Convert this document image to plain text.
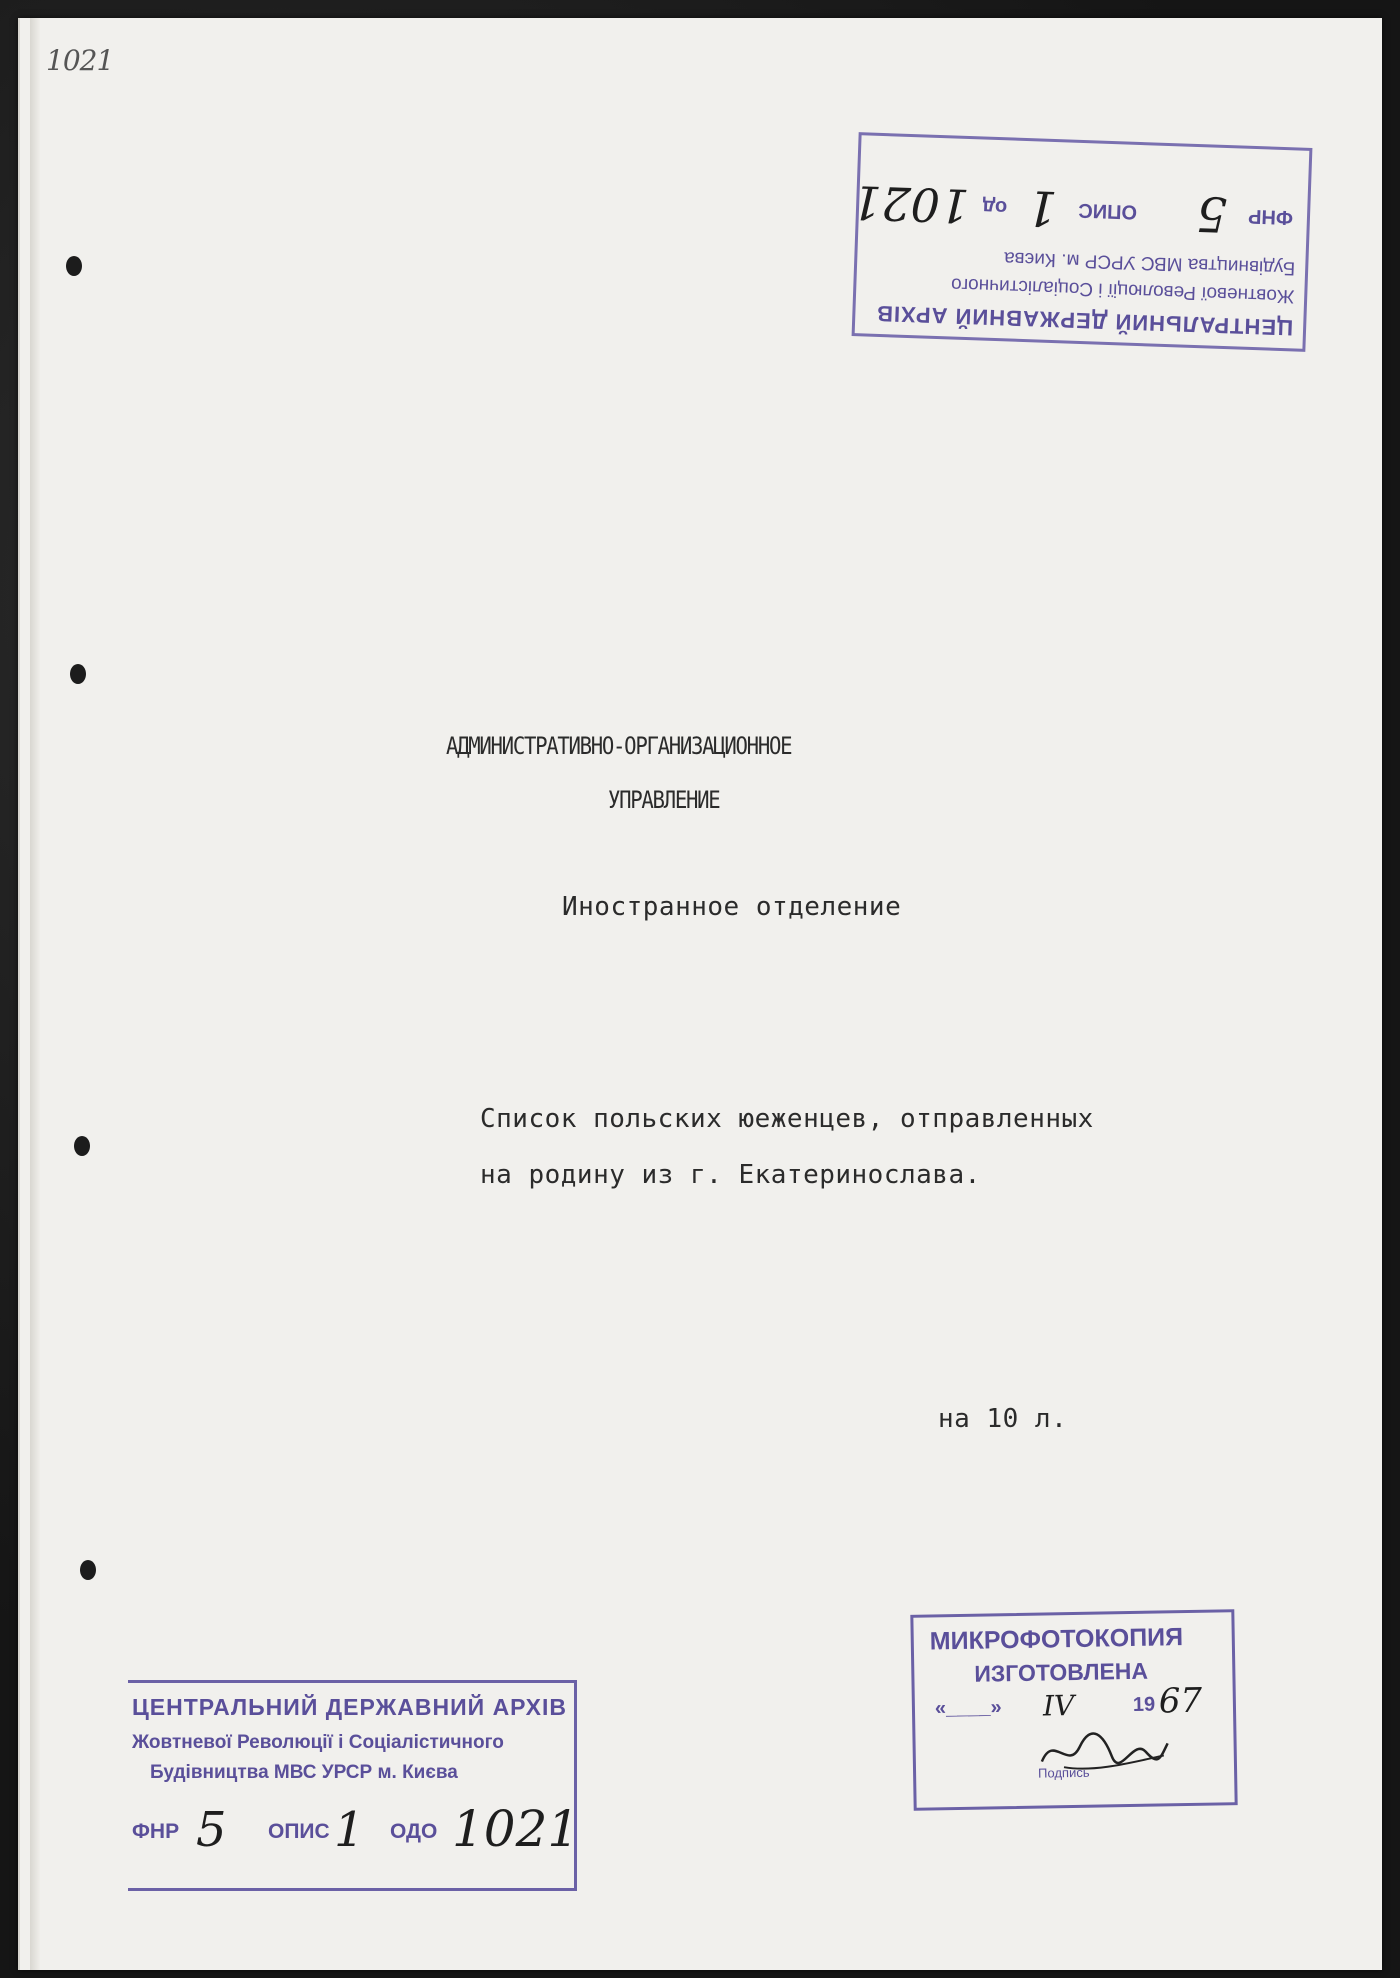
1021
ЦЕНТРАЛЬНИЙ ДЕРЖАВНИЙ АРХІВ
Жовтневої Революції і Соціалістичного
Будівництва МВС УРСР м. Києва
ФНР
5
ОПИС
1
од
1021
АДМИНИСТРАТИВНО-ОРГАНИЗАЦИОННОЕ
УПРАВЛЕНИЕ
Иностранное отделение
Список польских юеженцев, отправленных
на родину из г. Екатеринослава.
на 10 л.
МИКРОФОТОКОПИЯ
ИЗГОТОВЛЕНА
«____» IV	19 67
Подпись
ЦЕНТРАЛЬНИЙ ДЕРЖАВНИЙ АРХІВ
Жовтневої Революції і Соціалістичного
Будівництва МВС УРСР м. Києва
ФНР 5 ОПИС 1 ОДО 1021
